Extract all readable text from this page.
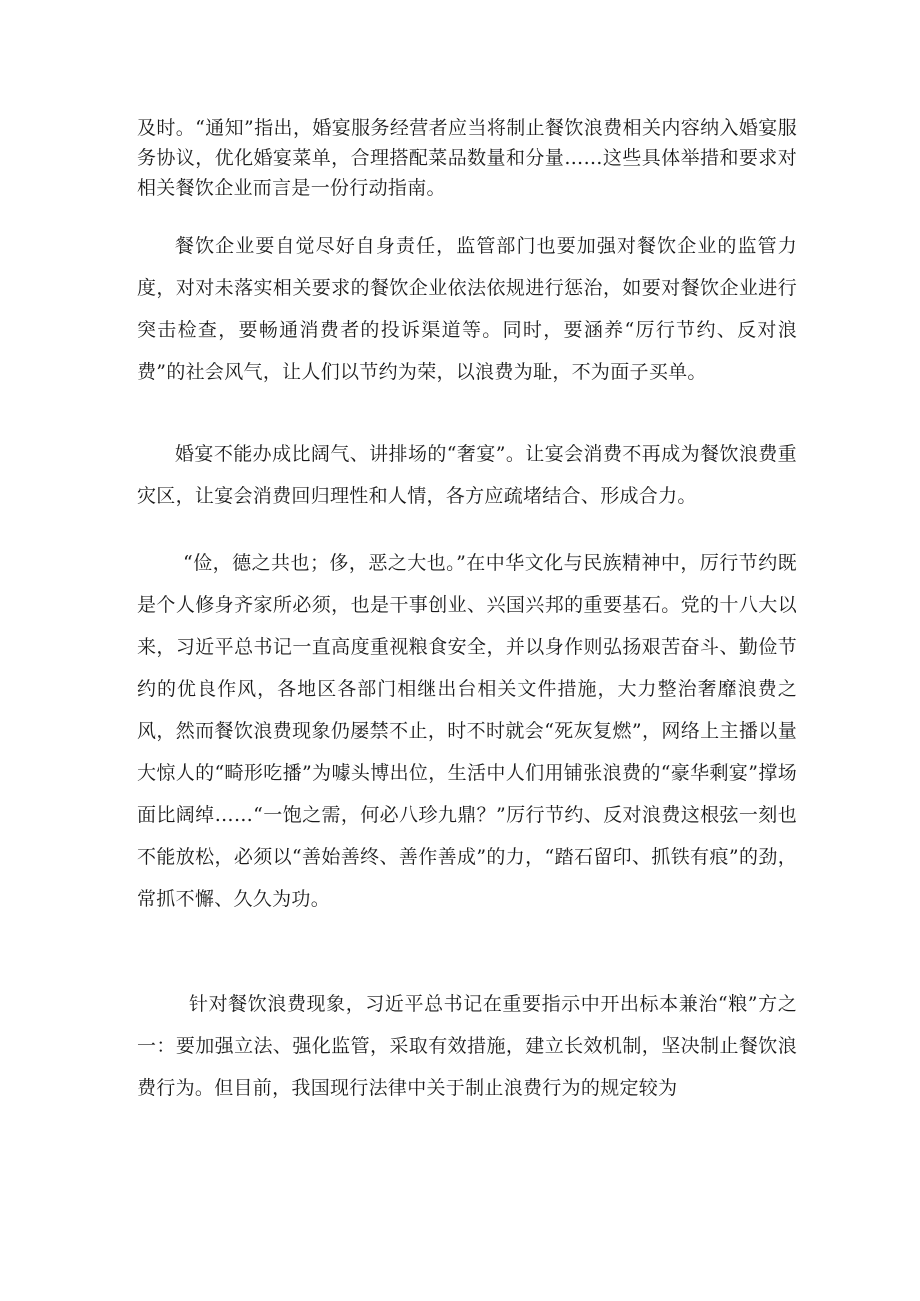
及时。“通知”指出，婚宴服务经营者应当将制止餐饮浪费相关内容纳入婚宴服务协议，优化婚宴菜单，合理搭配菜品数量和分量……这些具体举措和要求对相关餐饮企业而言是一份行动指南。

餐饮企业要自觉尽好自身责任，监管部门也要加强对餐饮企业的监管力度，对对未落实相关要求的餐饮企业依法依规进行惩治，如要对餐饮企业进行突击检查，要畅通消费者的投诉渠道等。同时，要涵养“厉行节约、反对浪费”的社会风气，让人们以节约为荣，以浪费为耻，不为面子买单。

婚宴不能办成比阔气、讲排场的“奢宴”。让宴会消费不再成为餐饮浪费重灾区，让宴会消费回归理性和人情，各方应疏堵结合、形成合力。

“俭，德之共也；侈，恶之大也。”在中华文化与民族精神中，厉行节约既是个人修身齐家所必须，也是干事创业、兴国兴邦的重要基石。党的十八大以来，习近平总书记一直高度重视粮食安全，并以身作则弘扬艰苦奋斗、勤俭节约的优良作风，各地区各部门相继出台相关文件措施，大力整治奢靡浪费之风，然而餐饮浪费现象仍屡禁不止，时不时就会“死灰复燃”，网络上主播以量大惊人的“畸形吃播”为噱头博出位，生活中人们用铺张浪费的“豪华剩宴”撑场面比阔绰……“一饱之需，何必八珍九鼎？”厉行节约、反对浪费这根弦一刻也不能放松，必须以“善始善终、善作善成”的力，“踏石留印、抓铁有痕”的劲，常抓不懈、久久为功。

针对餐饮浪费现象，习近平总书记在重要指示中开出标本兼治“粮”方之一：要加强立法、强化监管，采取有效措施，建立长效机制，坚决制止餐饮浪费行为。但目前，我国现行法律中关于制止浪费行为的规定较为
